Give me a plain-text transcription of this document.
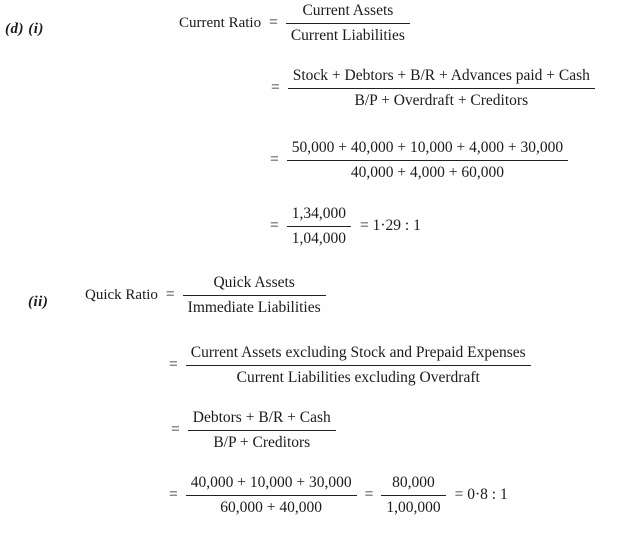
(d) (i)	Current Ratio = $\frac{\text{Current Assets}}{\text{Current Liabilities}}$
= $\frac{\text{Stock + Debtors + B/R + Advances paid + Cash}}{\text{B/P + Overdraft + Creditors}}$
= $\frac{50,000 + 40,000 + 10,000 + 4,000 + 30,000}{40,000 + 4,000 + 60,000}$
= $\frac{1,34,000}{1,04,000} = 1\cdot 29$ : 1
(ii) Quick Ratio = $\frac{\text{Quick Assets}}{\text{Immediate Liabilities}}$
= $\frac{\text{Current Assets excluding Stock and Prepaid Expenses}}{\text{Current Liabilities excluding Overdraft}}$
= $\frac{\text{Debtors + B/R + Cash}}{\text{B/P + Creditors}}$
= $\frac{40,000 + 10,000 + 30,000}{60,000 + 40,000} = \frac{80,000}{1,00,000} = 0\cdot 8$ : 1
